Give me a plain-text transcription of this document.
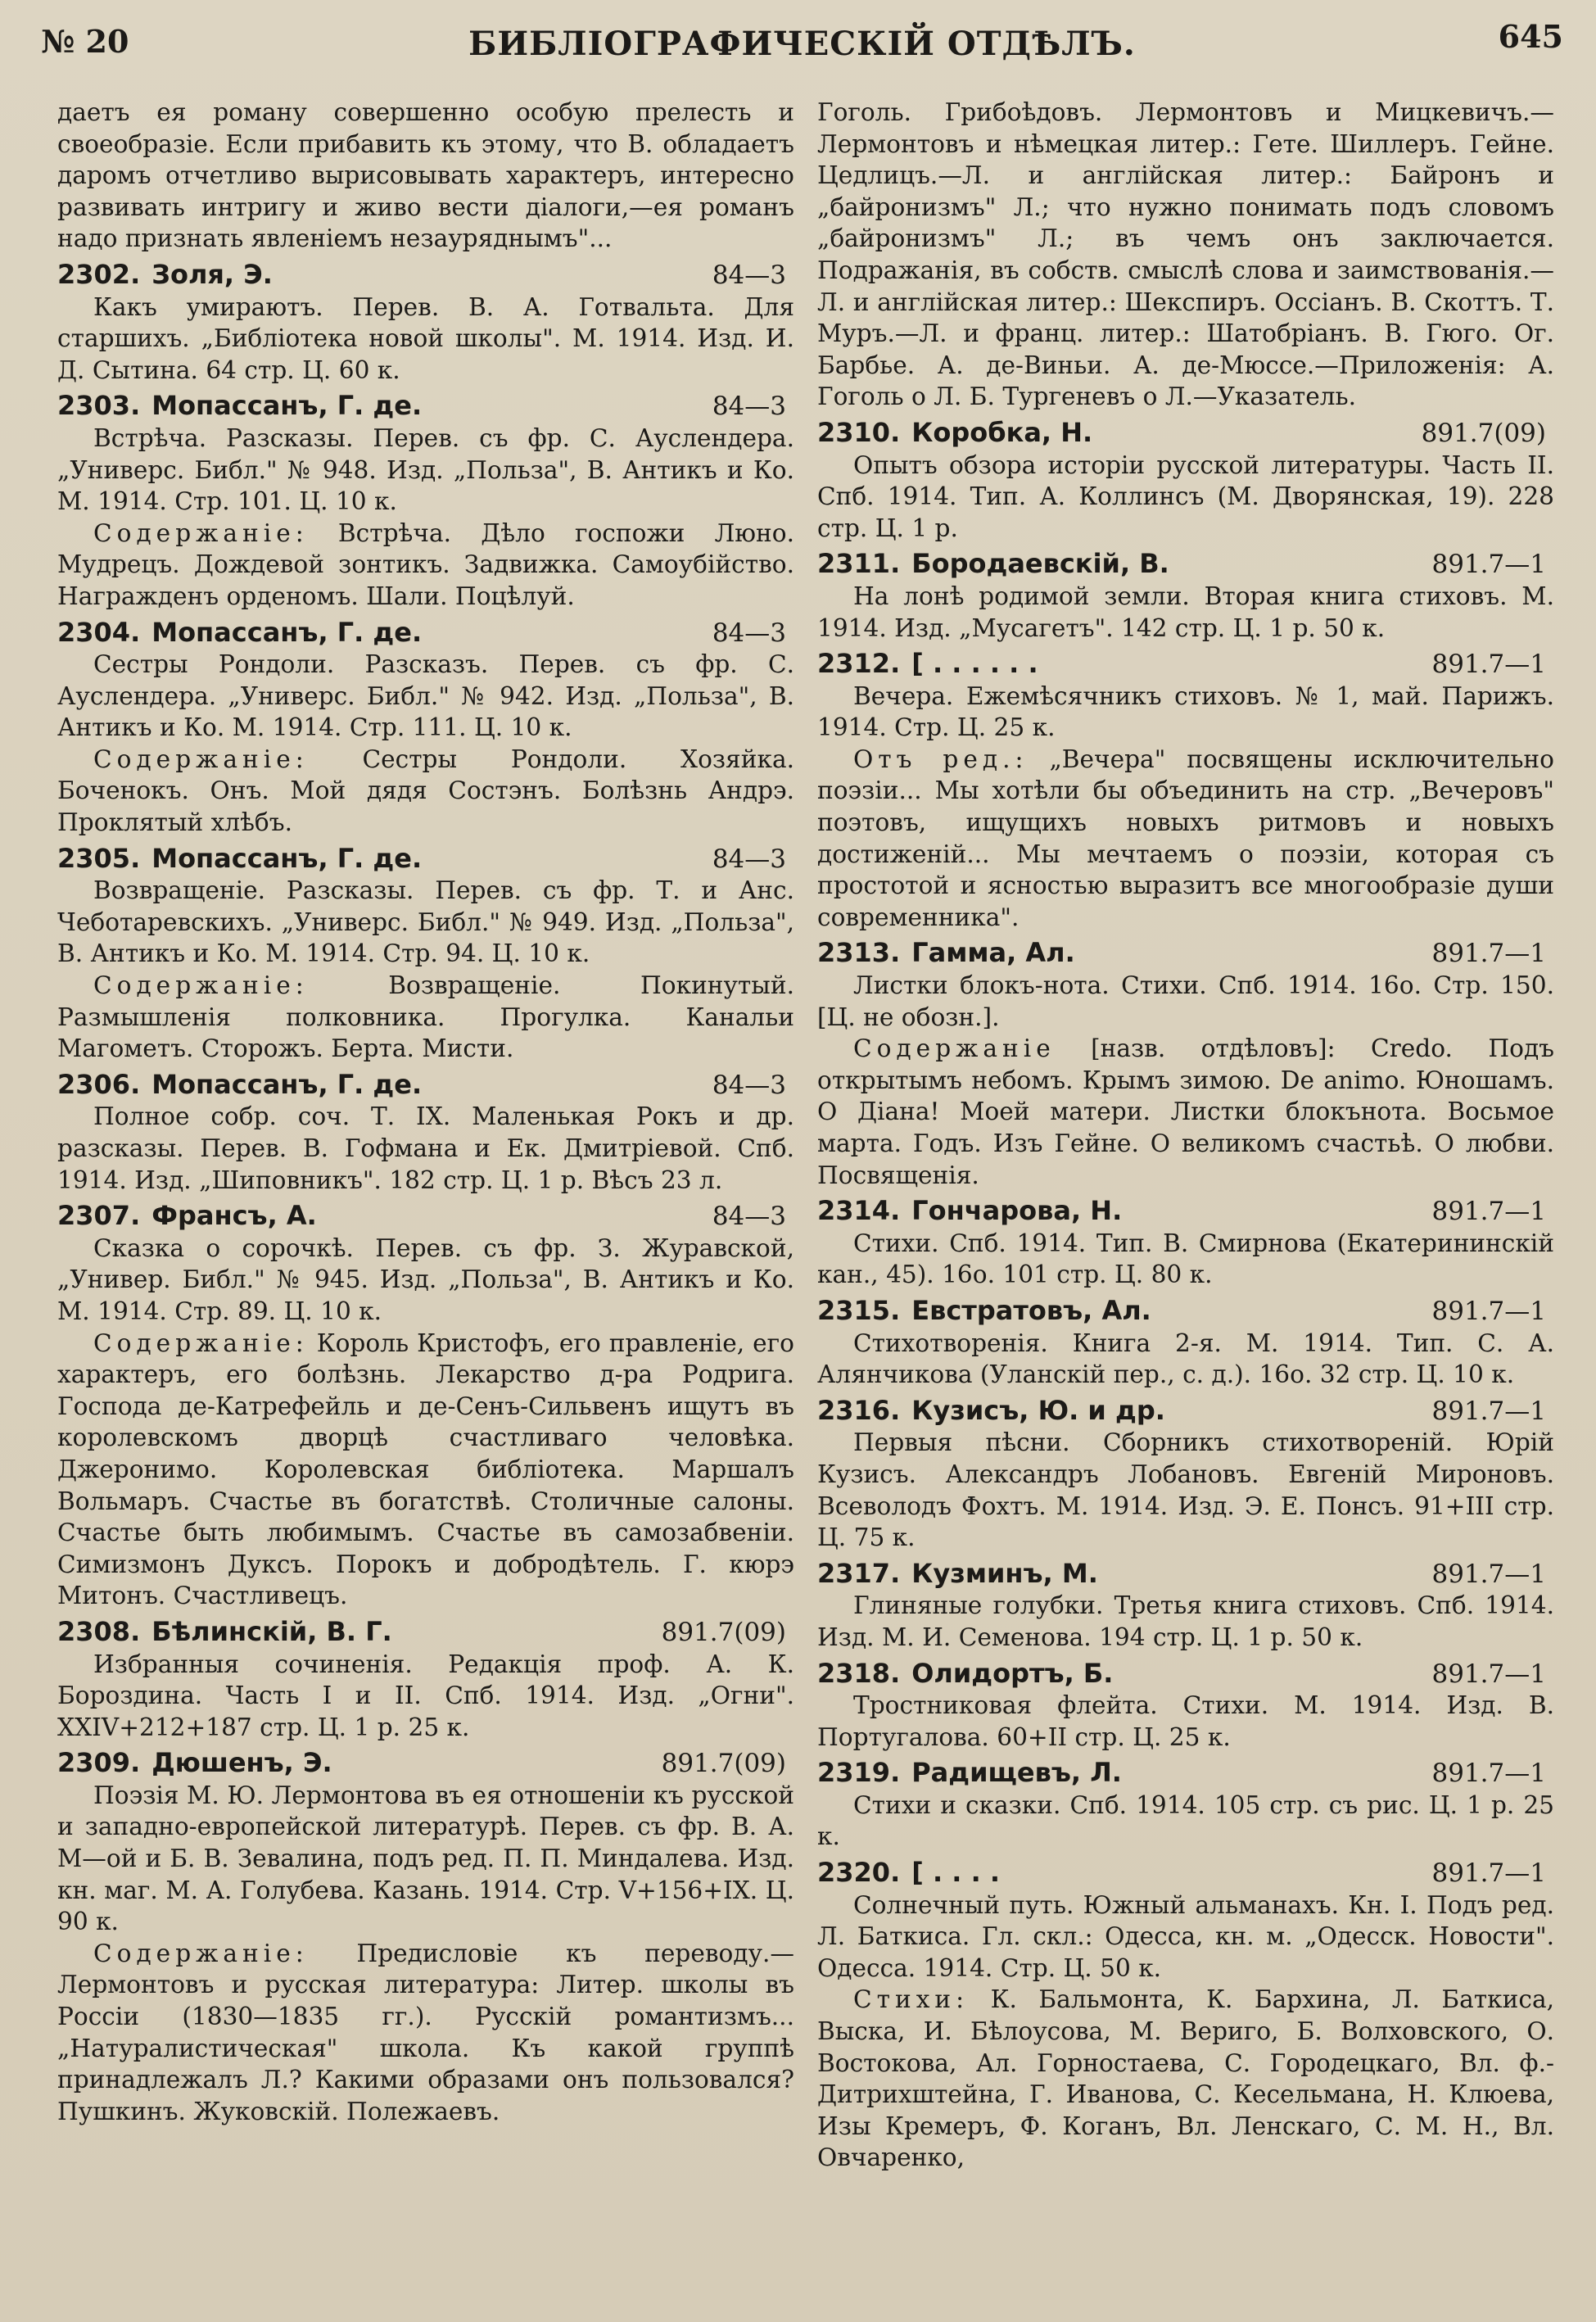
№ 20	БИБЛІОГРАФИЧЕСКІЙ ОТДѢЛЪ.	645

даетъ ея роману совершенно особую прелесть и своеобразіе. Если прибавить къ этому, что В. обладаетъ даромъ отчетливо вырисовывать характеръ, интересно развивать интригу и живо вести діалоги,—ея романъ надо признать явленіемъ незауряднымъ"...

2302. Золя, Э.	84—3

Какъ умираютъ. Перев. В. А. Готвальта. Для старшихъ. „Библіотека новой школы". М. 1914. Изд. И. Д. Сытина. 64 стр. Ц. 60 к.

2303. Мопассанъ, Г. де.	84—3

Встрѣча. Разсказы. Перев. съ фр. С. Ауслендера. „Универс. Библ." № 948. Изд. „Польза", В. Антикъ и Ко. М. 1914. Стр. 101. Ц. 10 к.

Содержаніе: Встрѣча. Дѣло госпожи Люно. Мудрецъ. Дождевой зонтикъ. Задвижка. Самоубійство. Награжденъ орденомъ. Шали. Поцѣлуй.

2304. Мопассанъ, Г. де.	84—3

Сестры Рондоли. Разсказъ. Перев. съ фр. С. Ауслендера. „Универс. Библ." № 942. Изд. „Польза", В. Антикъ и Ко. М. 1914. Стр. 111. Ц. 10 к.

Содержаніе: Сестры Рондоли. Хозяйка. Боченокъ. Онъ. Мой дядя Состэнъ. Болѣзнь Андрэ. Проклятый хлѣбъ.

2305. Мопассанъ, Г. де.	84—3

Возвращеніе. Разсказы. Перев. съ фр. Т. и Анс. Чеботаревскихъ. „Универс. Библ." № 949. Изд. „Польза", В. Антикъ и Ко. М. 1914. Стр. 94. Ц. 10 к.

Содержаніе: Возвращеніе. Покинутый. Размышленія полковника. Прогулка. Канальи Магометъ. Сторожъ. Берта. Мисти.

2306. Мопассанъ, Г. де.	84—3

Полное собр. соч. Т. IX. Маленькая Рокъ и др. разсказы. Перев. В. Гофмана и Ек. Дмитріевой. Спб. 1914. Изд. „Шиповникъ". 182 стр. Ц. 1 р. Вѣсъ 23 л.

2307. Франсъ, А.	84—3

Сказка о сорочкѣ. Перев. съ фр. З. Журавской, „Универ. Библ." № 945. Изд. „Польза", В. Антикъ и Ко. М. 1914. Стр. 89. Ц. 10 к.

Содержаніе: Король Кристофъ, его правленіе, его характеръ, его болѣзнь. Лекарство д-ра Родрига. Господа де-Катрефейль и де-Сенъ-Сильвенъ ищутъ въ королевскомъ дворцѣ счастливаго человѣка. Джеронимо. Королевская библіотека. Маршалъ Вольмаръ. Счастье въ богатствѣ. Столичные салоны. Счастье быть любимымъ. Счастье въ самозабвеніи. Симизмонъ Дуксъ. Порокъ и добродѣтель. Г. кюрэ Митонъ. Счастливецъ.

2308. Бѣлинскій, В. Г.	891.7(09)

Избранныя сочиненія. Редакція проф. А. К. Бороздина. Часть I и II. Спб. 1914. Изд. „Огни". XXIV+212+187 стр. Ц. 1 р. 25 к.

2309. Дюшенъ, Э.	891.7(09)

Поэзія М. Ю. Лермонтова въ ея отношеніи къ русской и западно-европейской литературѣ. Перев. съ фр. В. А. М—ой и Б. В. Зевалина, подъ ред. П. П. Миндалева. Изд. кн. маг. М. А. Голубева. Казань. 1914. Стр. V+156+IX. Ц. 90 к.

Содержаніе: Предисловіе къ переводу.—Лермонтовъ и русская литература: Литер. школы въ Россіи (1830—1835 гг.). Русскій романтизмъ... „Натуралистическая" школа. Къ какой группѣ принадлежалъ Л.? Какими образами онъ пользовался? Пушкинъ. Жуковскій. Полежаевъ.

Гоголь. Грибоѣдовъ. Лермонтовъ и Мицкевичъ.—Лермонтовъ и нѣмецкая литер.: Гете. Шиллеръ. Гейне. Цедлицъ.—Л. и англійская литер.: Байронъ и „байронизмъ" Л.; что нужно понимать подъ словомъ „байронизмъ" Л.; въ чемъ онъ заключается. Подражанія, въ собств. смыслѣ слова и заимствованія.—Л. и англійская литер.: Шекспиръ. Оссіанъ. В. Скоттъ. Т. Муръ.—Л. и франц. литер.: Шатобріанъ. В. Гюго. Ог. Барбье. А. де-Виньи. А. де-Мюссе.—Приложенія: А. Гоголь о Л. Б. Тургеневъ о Л.—Указатель.

2310. Коробка, Н.	891.7(09)

Опытъ обзора исторіи русской литературы. Часть II. Спб. 1914. Тип. А. Коллинсъ (М. Дворянская, 19). 228 стр. Ц. 1 р.

2311. Бородаевскій, В.	891.7—1

На лонѣ родимой земли. Вторая книга стиховъ. М. 1914. Изд. „Мусагетъ". 142 стр. Ц. 1 р. 50 к.

2312. [ . . . . . .	891.7—1

Вечера. Ежемѣсячникъ стиховъ. № 1, май. Парижъ. 1914. Стр. Ц. 25 к.

Отъ ред.: „Вечера" посвящены исключительно поэзіи... Мы хотѣли бы объединить на стр. „Вечеровъ" поэтовъ, ищущихъ новыхъ ритмовъ и новыхъ достиженій... Мы мечтаемъ о поэзіи, которая съ простотой и ясностью выразитъ все многообразіе души современника".

2313. Гамма, Ал.	891.7—1

Листки блокъ-нота. Стихи. Спб. 1914. 16о. Стр. 150. [Ц. не обозн.].

Содержаніе [назв. отдѣловъ]: Credo. Подъ открытымъ небомъ. Крымъ зимою. De animo. Юношамъ. О Діана! Моей матери. Листки блокънота. Восьмое марта. Годъ. Изъ Гейне. О великомъ счастьѣ. О любви. Посвященія.

2314. Гончарова, Н.	891.7—1

Стихи. Спб. 1914. Тип. В. Смирнова (Екатерининскій кан., 45). 16о. 101 стр. Ц. 80 к.

2315. Евстратовъ, Ал.	891.7—1

Стихотворенія. Книга 2-я. М. 1914. Тип. С. А. Алянчикова (Уланскій пер., с. д.). 16о. 32 стр. Ц. 10 к.

2316. Кузисъ, Ю. и др.	891.7—1

Первыя пѣсни. Сборникъ стихотвореній. Юрій Кузисъ. Александръ Лобановъ. Евгеній Мироновъ. Всеволодъ Фохтъ. М. 1914. Изд. Э. Е. Понсъ. 91+III стр. Ц. 75 к.

2317. Кузминъ, М.	891.7—1

Глиняные голубки. Третья книга стиховъ. Спб. 1914. Изд. М. И. Семенова. 194 стр. Ц. 1 р. 50 к.

2318. Олидортъ, Б.	891.7—1

Тростниковая флейта. Стихи. М. 1914. Изд. В. Португалова. 60+II стр. Ц. 25 к.

2319. Радищевъ, Л.	891.7—1

Стихи и сказки. Спб. 1914. 105 стр. съ рис. Ц. 1 р. 25 к.

2320. [ . . . .	891.7—1

Солнечный путь. Южный альманахъ. Кн. I. Подъ ред. Л. Баткиса. Гл. скл.: Одесса, кн. м. „Одесск. Новости". Одесса. 1914. Стр. Ц. 50 к.

Стихи: К. Бальмонта, К. Бархина, Л. Баткиса, Выска, И. Бѣлоусова, М. Вериго, Б. Волховского, О. Востокова, Ал. Горностаева, С. Городецкаго, Вл. ф.-Дитрихштейна, Г. Иванова, С. Кесельмана, Н. Клюева, Изы Кремеръ, Ф. Коганъ, Вл. Ленскаго, С. М. Н., Вл. Овчаренко,
